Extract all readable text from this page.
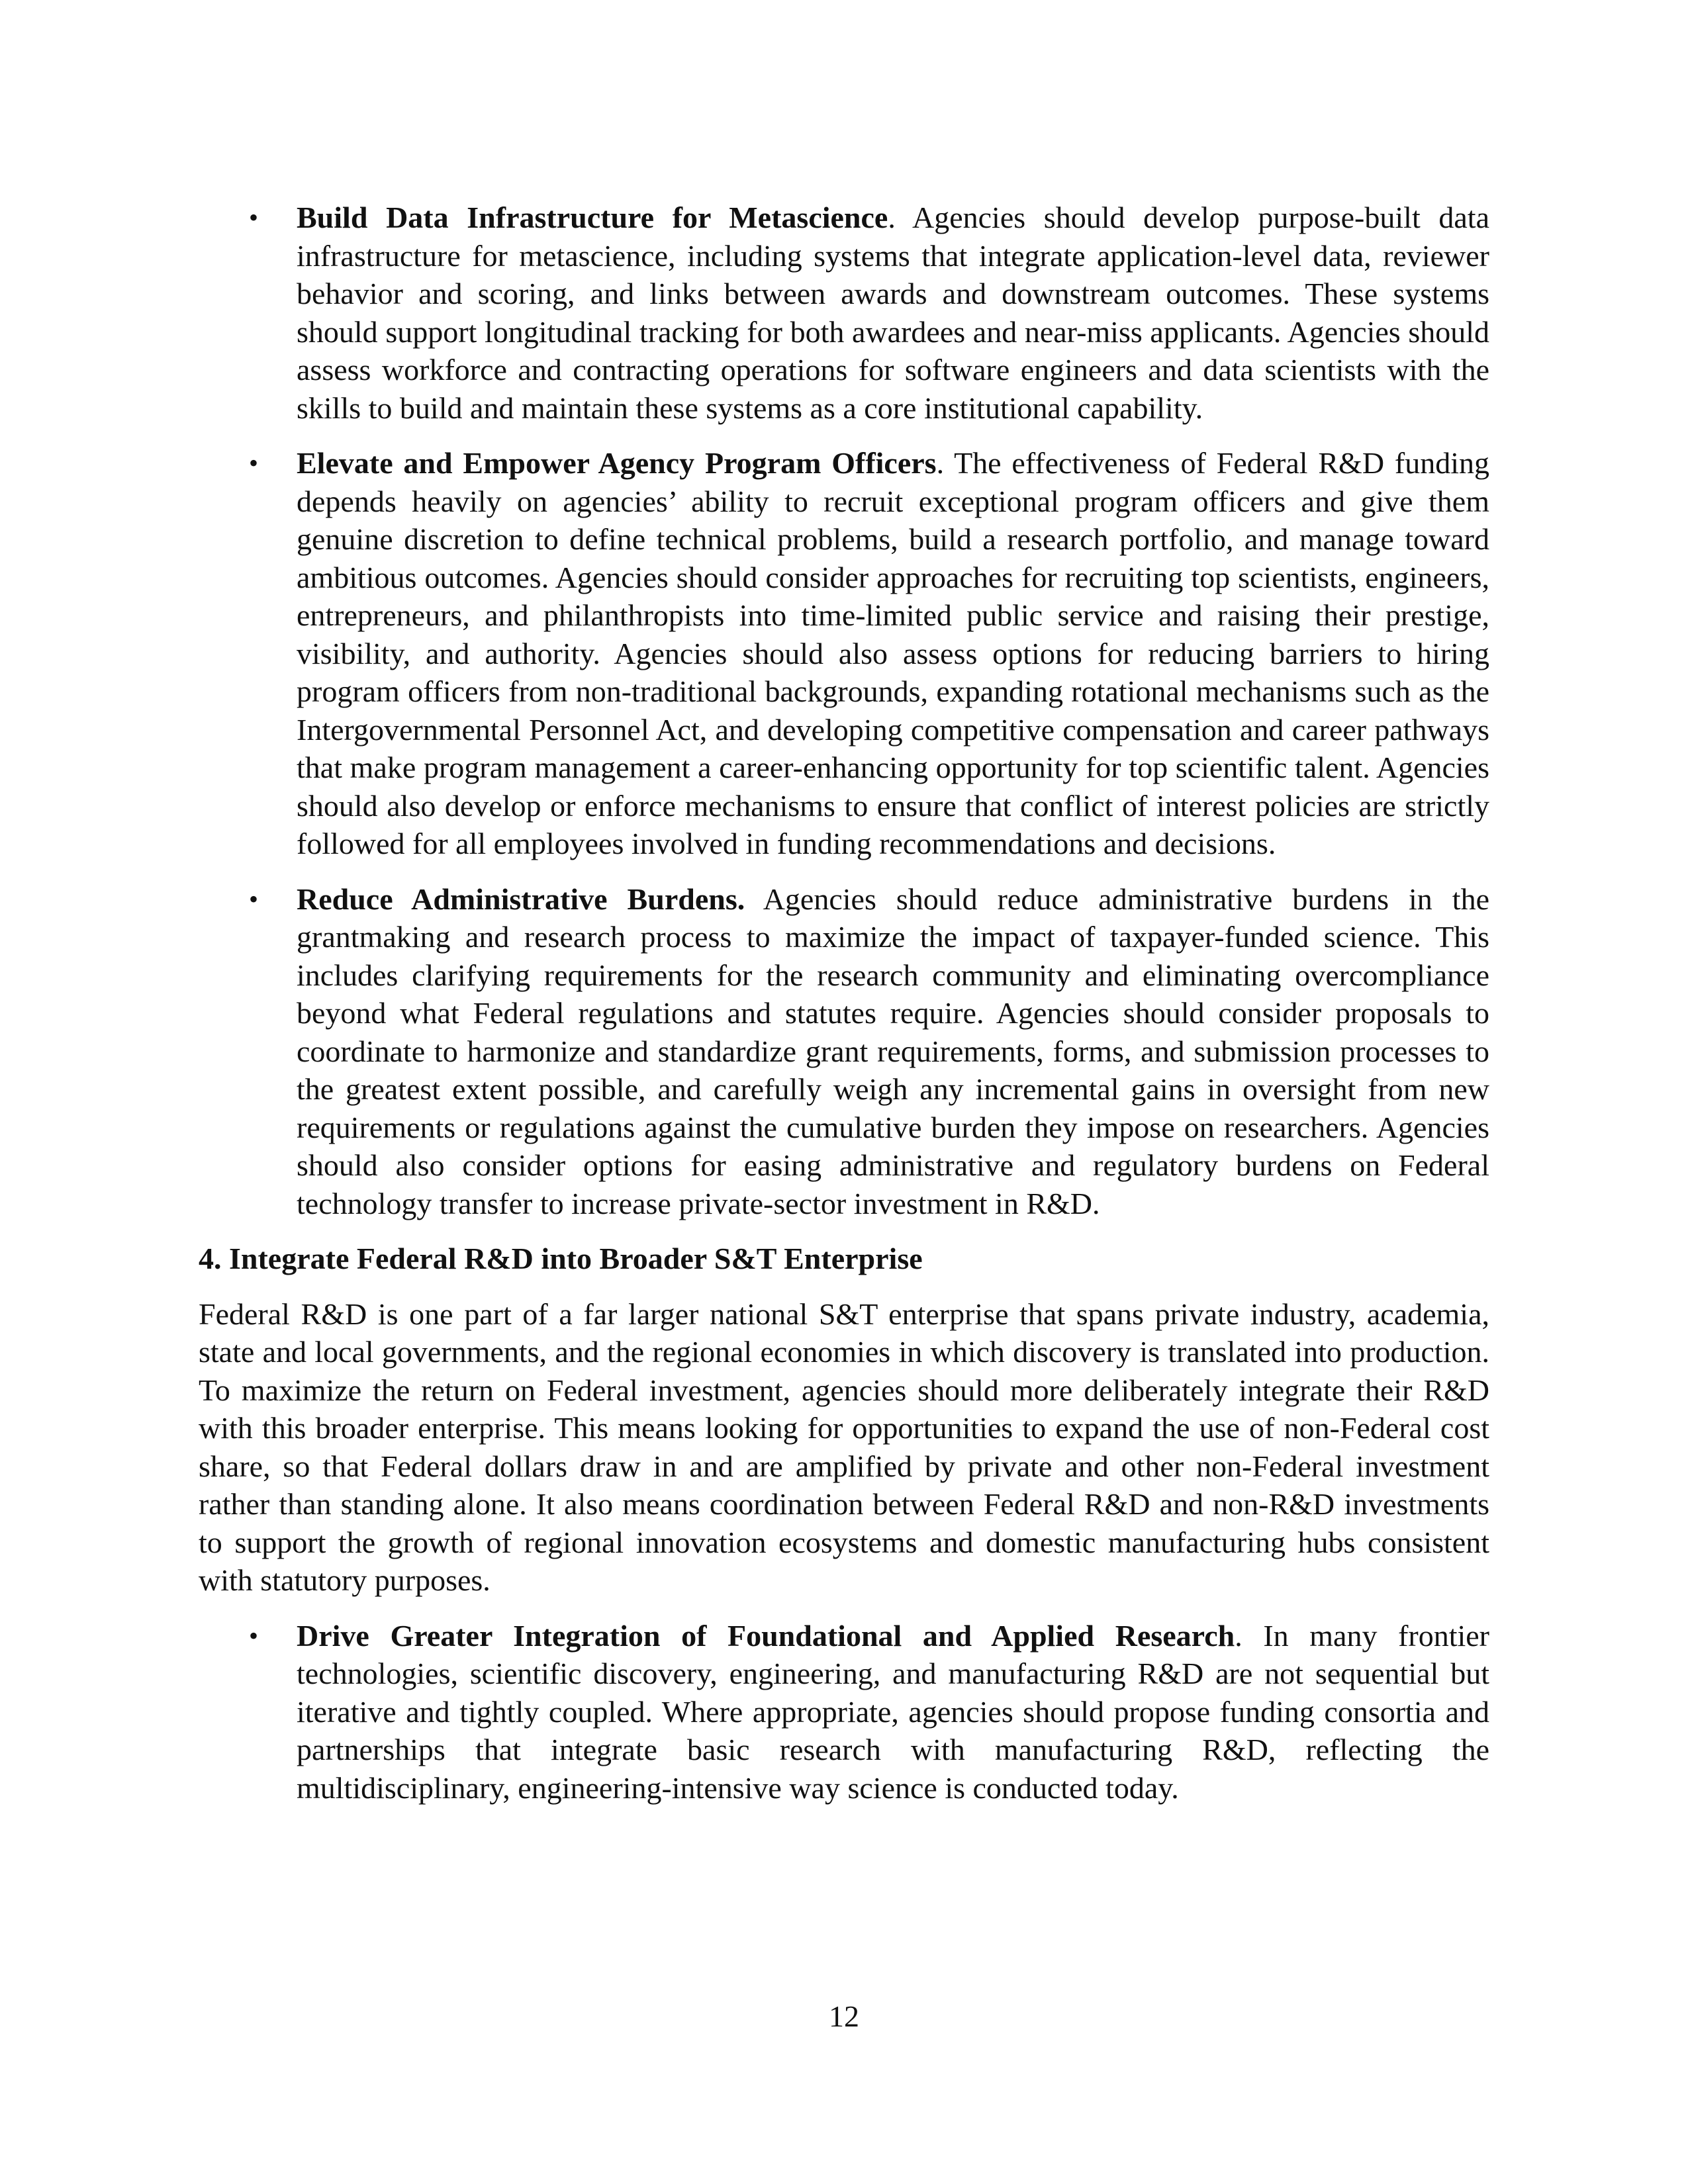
• Build Data Infrastructure for Metascience. Agencies should develop purpose-built data infrastructure for metascience, including systems that integrate application-level data, reviewer behavior and scoring, and links between awards and downstream outcomes. These systems should support longitudinal tracking for both awardees and near-miss applicants. Agencies should assess workforce and contracting operations for software engineers and data scientists with the skills to build and maintain these systems as a core institutional capability.
• Elevate and Empower Agency Program Officers. The effectiveness of Federal R&D funding depends heavily on agencies’ ability to recruit exceptional program officers and give them genuine discretion to define technical problems, build a research portfolio, and manage toward ambitious outcomes. Agencies should consider approaches for recruiting top scientists, engineers, entrepreneurs, and philanthropists into time-limited public service and raising their prestige, visibility, and authority. Agencies should also assess options for reducing barriers to hiring program officers from non-traditional backgrounds, expanding rotational mechanisms such as the Intergovernmental Personnel Act, and developing competitive compensation and career pathways that make program management a career-enhancing opportunity for top scientific talent. Agencies should also develop or enforce mechanisms to ensure that conflict of interest policies are strictly followed for all employees involved in funding recommendations and decisions.
• Reduce Administrative Burdens. Agencies should reduce administrative burdens in the grantmaking and research process to maximize the impact of taxpayer-funded science. This includes clarifying requirements for the research community and eliminating overcompliance beyond what Federal regulations and statutes require. Agencies should consider proposals to coordinate to harmonize and standardize grant requirements, forms, and submission processes to the greatest extent possible, and carefully weigh any incremental gains in oversight from new requirements or regulations against the cumulative burden they impose on researchers. Agencies should also consider options for easing administrative and regulatory burdens on Federal technology transfer to increase private-sector investment in R&D.
4. Integrate Federal R&D into Broader S&T Enterprise

Federal R&D is one part of a far larger national S&T enterprise that spans private industry, academia, state and local governments, and the regional economies in which discovery is translated into production. To maximize the return on Federal investment, agencies should more deliberately integrate their R&D with this broader enterprise. This means looking for opportunities to expand the use of non-Federal cost share, so that Federal dollars draw in and are amplified by private and other non-Federal investment rather than standing alone. It also means coordination between Federal R&D and non-R&D investments to support the growth of regional innovation ecosystems and domestic manufacturing hubs consistent with statutory purposes.

• Drive Greater Integration of Foundational and Applied Research. In many frontier technologies, scientific discovery, engineering, and manufacturing R&D are not sequential but iterative and tightly coupled. Where appropriate, agencies should propose funding consortia and partnerships that integrate basic research with manufacturing R&D, reflecting the multidisciplinary, engineering-intensive way science is conducted today.
12
